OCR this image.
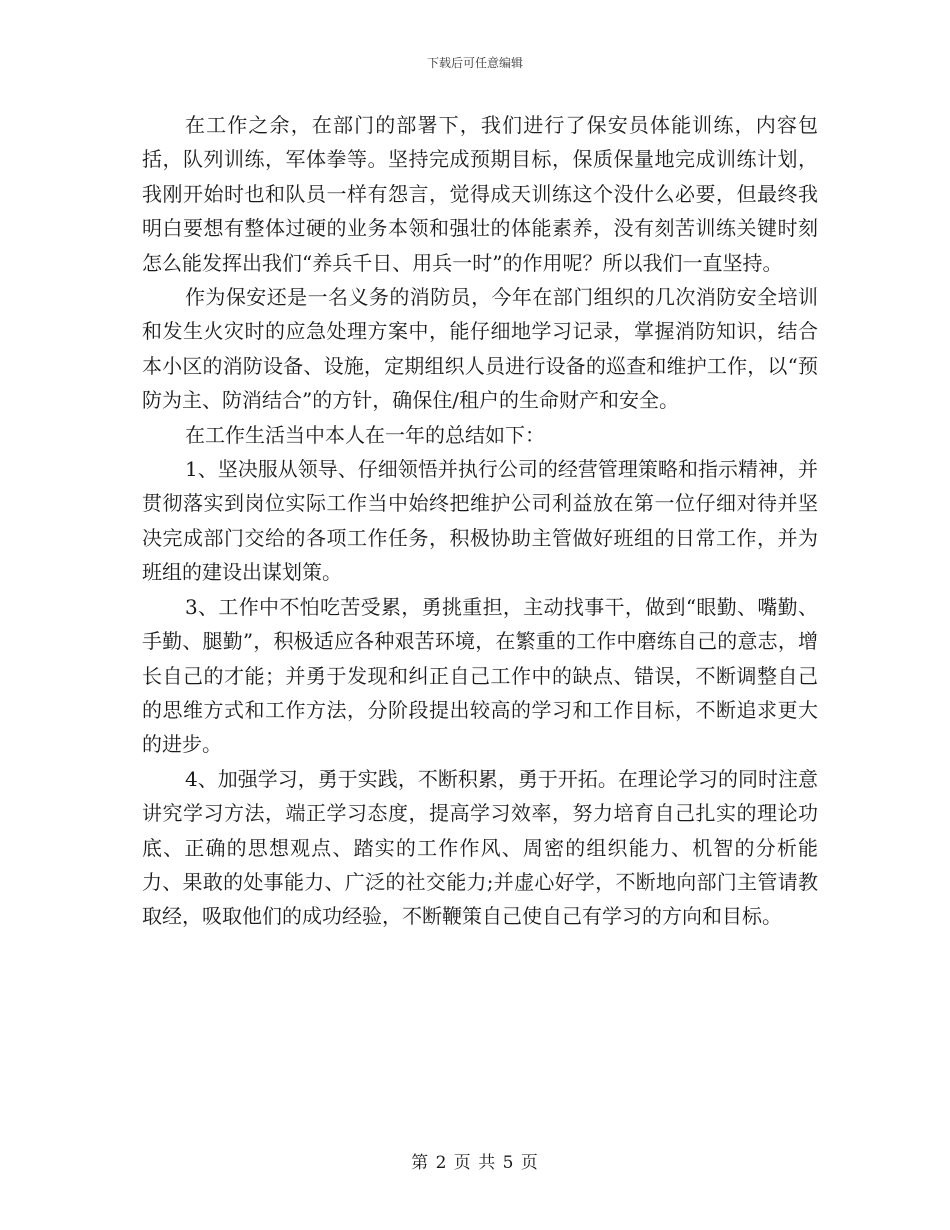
下载后可任意编辑

在工作之余，在部门的部署下，我们进行了保安员体能训练，内容包括，队列训练，军体拳等。坚持完成预期目标，保质保量地完成训练计划，我刚开始时也和队员一样有怨言，觉得成天训练这个没什么必要，但最终我明白要想有整体过硬的业务本领和强壮的体能素养，没有刻苦训练关键时刻怎么能发挥出我们“养兵千日、用兵一时”的作用呢？所以我们一直坚持。

作为保安还是一名义务的消防员，今年在部门组织的几次消防安全培训和发生火灾时的应急处理方案中，能仔细地学习记录，掌握消防知识，结合本小区的消防设备、设施，定期组织人员进行设备的巡查和维护工作，以“预防为主、防消结合”的方针，确保住/租户的生命财产和安全。

在工作生活当中本人在一年的总结如下：

1、坚决服从领导、仔细领悟并执行公司的经营管理策略和指示精神，并贯彻落实到岗位实际工作当中始终把维护公司利益放在第一位仔细对待并坚决完成部门交给的各项工作任务，积极协助主管做好班组的日常工作，并为班组的建设出谋划策。

3、工作中不怕吃苦受累，勇挑重担，主动找事干，做到“眼勤、嘴勤、手勤、腿勤”，积极适应各种艰苦环境，在繁重的工作中磨练自己的意志，增长自己的才能；并勇于发现和纠正自己工作中的缺点、错误，不断调整自己的思维方式和工作方法，分阶段提出较高的学习和工作目标，不断追求更大的进步。

4、加强学习，勇于实践，不断积累，勇于开拓。在理论学习的同时注意讲究学习方法，端正学习态度，提高学习效率，努力培育自己扎实的理论功底、正确的思想观点、踏实的工作作风、周密的组织能力、机智的分析能力、果敢的处事能力、广泛的社交能力;并虚心好学，不断地向部门主管请教取经，吸取他们的成功经验，不断鞭策自己使自己有学习的方向和目标。

第 2 页 共 5 页
